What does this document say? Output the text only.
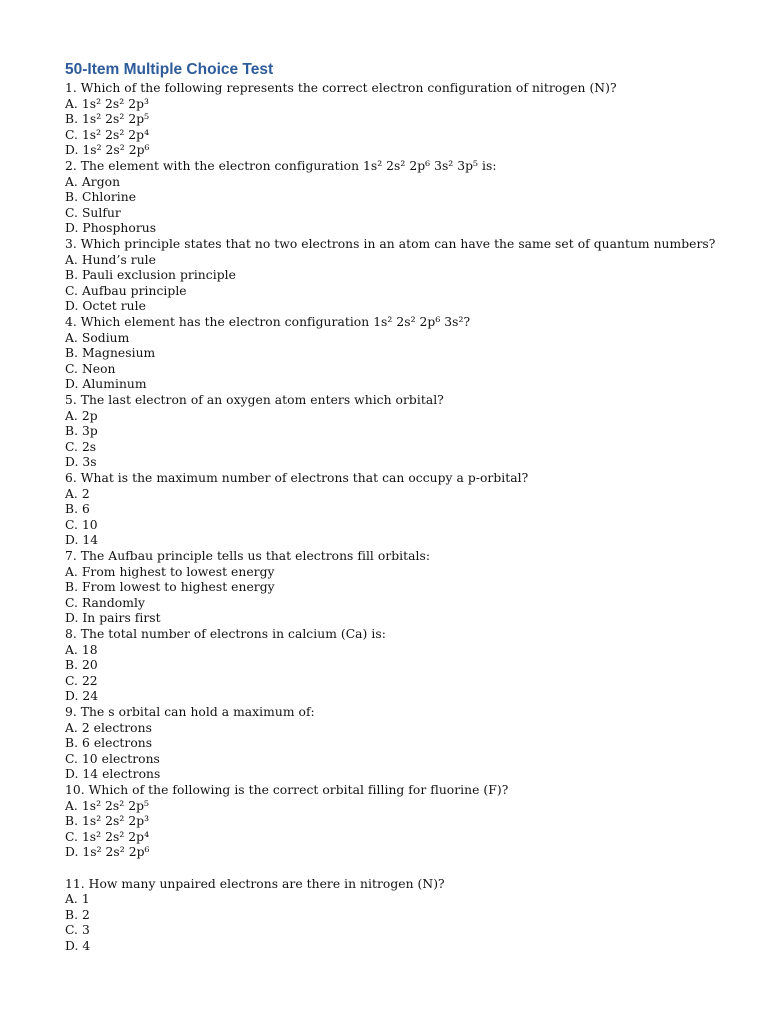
50-Item Multiple Choice Test
1. Which of the following represents the correct electron configuration of nitrogen (N)?
A. 1s² 2s² 2p³
B. 1s² 2s² 2p⁵
C. 1s² 2s² 2p⁴
D. 1s² 2s² 2p⁶
2. The element with the electron configuration 1s² 2s² 2p⁶ 3s² 3p⁵ is:
A. Argon
B. Chlorine
C. Sulfur
D. Phosphorus
3. Which principle states that no two electrons in an atom can have the same set of quantum numbers?
A. Hund’s rule
B. Pauli exclusion principle
C. Aufbau principle
D. Octet rule
4. Which element has the electron configuration 1s² 2s² 2p⁶ 3s²?
A. Sodium
B. Magnesium
C. Neon
D. Aluminum
5. The last electron of an oxygen atom enters which orbital?
A. 2p
B. 3p
C. 2s
D. 3s
6. What is the maximum number of electrons that can occupy a p-orbital?
A. 2
B. 6
C. 10
D. 14
7. The Aufbau principle tells us that electrons fill orbitals:
A. From highest to lowest energy
B. From lowest to highest energy
C. Randomly
D. In pairs first
8. The total number of electrons in calcium (Ca) is:
A. 18
B. 20
C. 22
D. 24
9. The s orbital can hold a maximum of:
A. 2 electrons
B. 6 electrons
C. 10 electrons
D. 14 electrons
10. Which of the following is the correct orbital filling for fluorine (F)?
A. 1s² 2s² 2p⁵
B. 1s² 2s² 2p³
C. 1s² 2s² 2p⁴
D. 1s² 2s² 2p⁶
11. How many unpaired electrons are there in nitrogen (N)?
A. 1
B. 2
C. 3
D. 4
